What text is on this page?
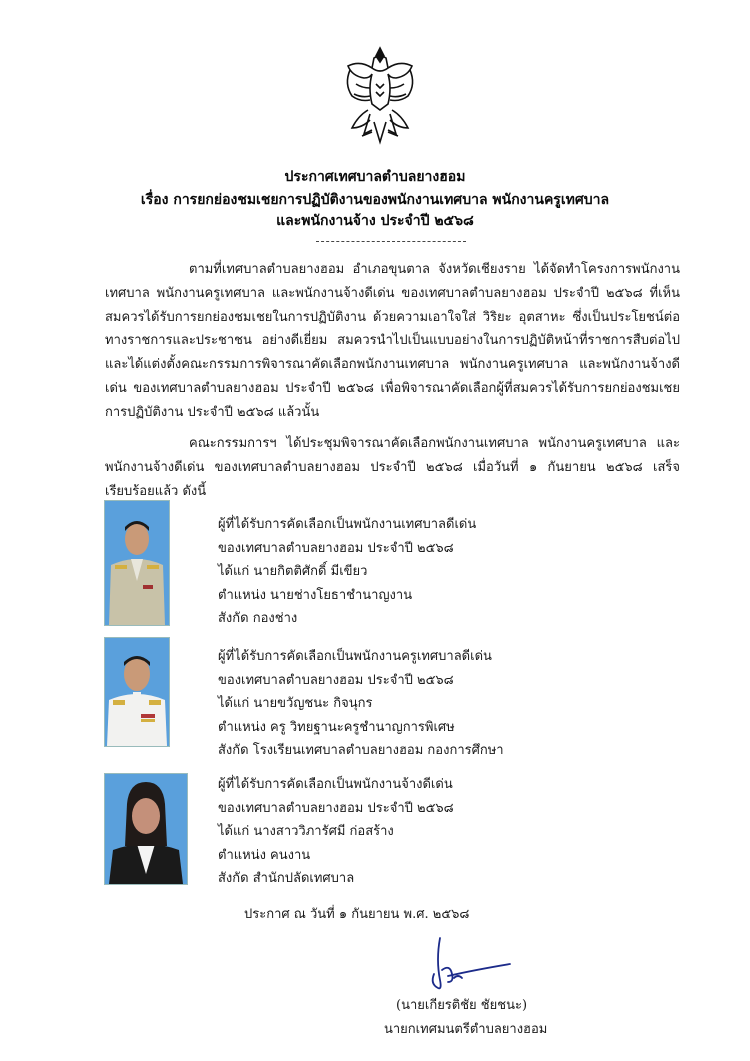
ประกาศเทศบาลตำบลยางฮอม
เรื่อง การยกย่องชมเชยการปฏิบัติงานของพนักงานเทศบาล พนักงานครูเทศบาล
และพนักงานจ้าง ประจำปี ๒๕๖๘
ตามที่เทศบาลตำบลยางฮอม อำเภอขุนตาล จังหวัดเชียงราย ได้จัดทำโครงการพนักงานเทศบาล พนักงานครูเทศบาล และพนักงานจ้างดีเด่น ของเทศบาลตำบลยางฮอม ประจำปี ๒๕๖๘ ที่เห็นสมควรได้รับการยกย่องชมเชยในการปฏิบัติงาน ด้วยความเอาใจใส่ วิริยะ อุตสาหะ ซึ่งเป็นประโยชน์ต่อทางราชการและประชาชน อย่างดีเยี่ยม สมควรนำไปเป็นแบบอย่างในการปฏิบัติหน้าที่ราชการสืบต่อไป และได้แต่งตั้งคณะกรรมการพิจารณาคัดเลือกพนักงานเทศบาล พนักงานครูเทศบาล และพนักงานจ้างดีเด่น ของเทศบาลตำบลยางฮอม ประจำปี ๒๕๖๘ เพื่อพิจารณาคัดเลือกผู้ที่สมควรได้รับการยกย่องชมเชยการปฏิบัติงาน ประจำปี ๒๕๖๘ แล้วนั้น
คณะกรรมการฯ ได้ประชุมพิจารณาคัดเลือกพนักงานเทศบาล พนักงานครูเทศบาล และพนักงานจ้างดีเด่น ของเทศบาลตำบลยางฮอม ประจำปี ๒๕๖๘ เมื่อวันที่ ๑ กันยายน ๒๕๖๘ เสร็จเรียบร้อยแล้ว ดังนี้
ผู้ที่ได้รับการคัดเลือกเป็นพนักงานเทศบาลดีเด่น
ของเทศบาลตำบลยางฮอม ประจำปี ๒๕๖๘
ได้แก่ นายกิตติศักดิ์ มีเขียว
ตำแหน่ง นายช่างโยธาชำนาญงาน
สังกัด กองช่าง
ผู้ที่ได้รับการคัดเลือกเป็นพนักงานครูเทศบาลดีเด่น
ของเทศบาลตำบลยางฮอม ประจำปี ๒๕๖๘
ได้แก่ นายขวัญชนะ กิจนุกร
ตำแหน่ง ครู วิทยฐานะครูชำนาญการพิเศษ
สังกัด โรงเรียนเทศบาลตำบลยางฮอม กองการศึกษา
ผู้ที่ได้รับการคัดเลือกเป็นพนักงานจ้างดีเด่น
ของเทศบาลตำบลยางฮอม ประจำปี ๒๕๖๘
ได้แก่ นางสาววิภารัศมี ก่อสร้าง
ตำแหน่ง คนงาน
สังกัด สำนักปลัดเทศบาล
ประกาศ ณ วันที่ ๑ กันยายน พ.ศ. ๒๕๖๘
(นายเกียรติชัย ชัยชนะ)
นายกเทศมนตรีตำบลยางฮอม
